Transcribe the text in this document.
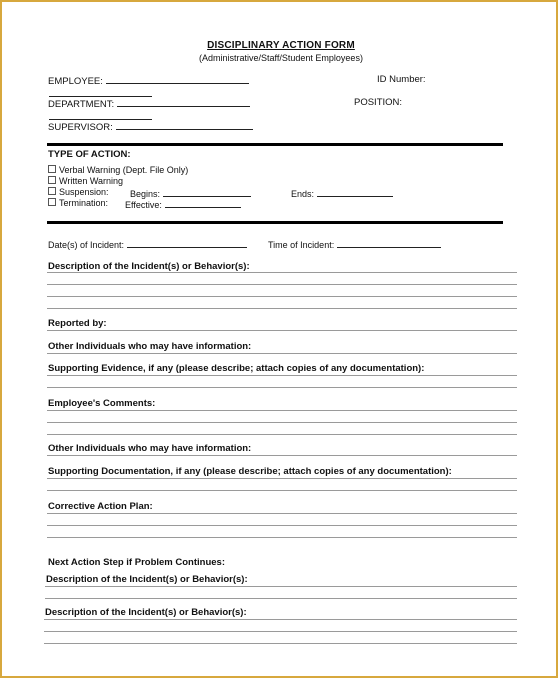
DISCIPLINARY ACTION FORM
(Administrative/Staff/Student Employees)
EMPLOYEE:	ID Number:
DEPARTMENT:	POSITION:
SUPERVISOR:
TYPE OF ACTION:
Verbal Warning (Dept. File Only)
Written Warning
Suspension: Begins:	Ends:
Termination: Effective:
Date(s) of Incident:	Time of Incident:
Description of the Incident(s) or Behavior(s):
Reported by:
Other Individuals who may have information:
Supporting Evidence, if any (please describe; attach copies of any documentation):
Employee's Comments:
Other Individuals who may have information:
Supporting Documentation, if any (please describe; attach copies of any documentation):
Corrective Action Plan:
Next Action Step if Problem Continues:
Description of the Incident(s) or Behavior(s):
Description of the Incident(s) or Behavior(s):
